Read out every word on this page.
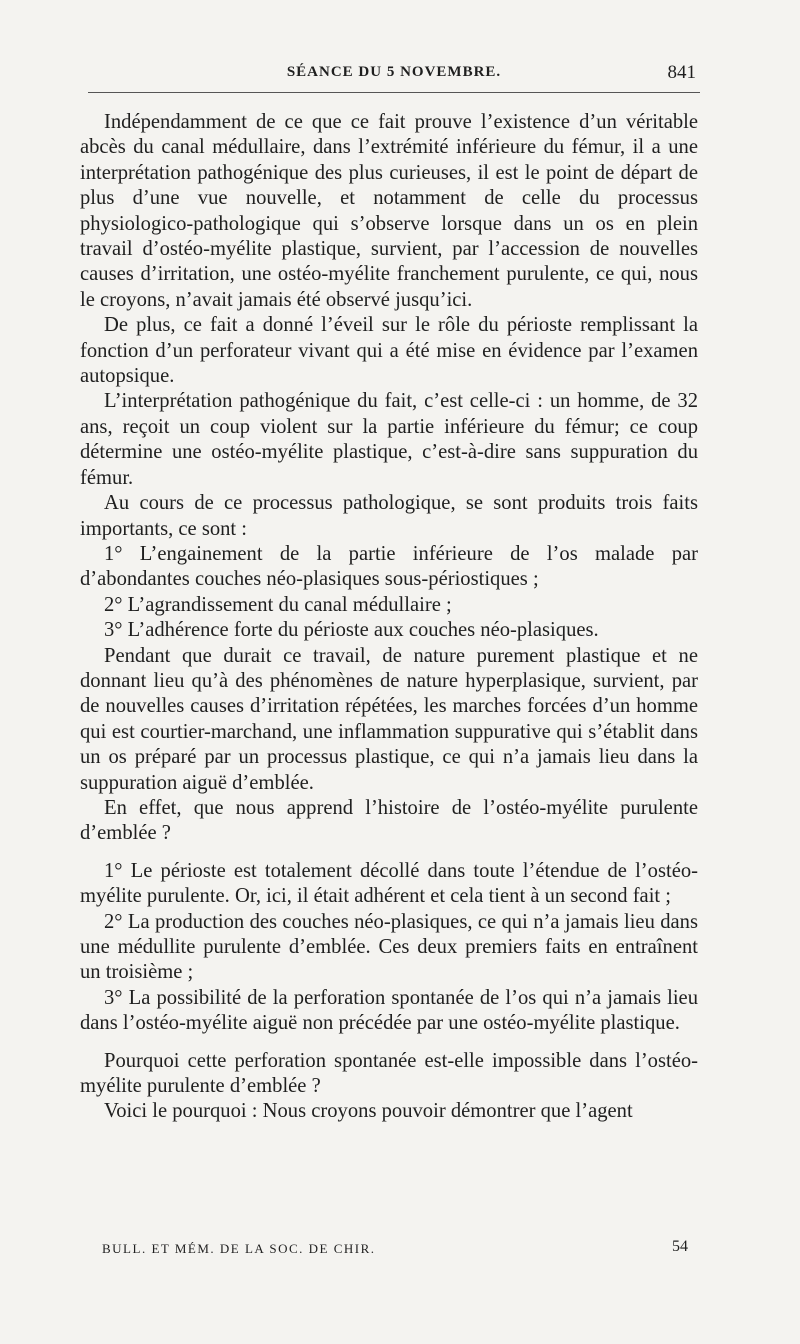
SÉANCE DU 5 NOVEMBRE.	841

Indépendamment de ce que ce fait prouve l’existence d’un véritable abcès du canal médullaire, dans l’extrémité inférieure du fémur, il a une interprétation pathogénique des plus curieuses, il est le point de départ de plus d’une vue nouvelle, et notamment de celle du processus physiologico-pathologique qui s’observe lorsque dans un os en plein travail d’ostéo-myélite plastique, survient, par l’accession de nouvelles causes d’irritation, une ostéo-myélite franchement purulente, ce qui, nous le croyons, n’avait jamais été observé jusqu’ici.

De plus, ce fait a donné l’éveil sur le rôle du périoste remplissant la fonction d’un perforateur vivant qui a été mise en évidence par l’examen autopsique.

L’interprétation pathogénique du fait, c’est celle-ci : un homme, de 32 ans, reçoit un coup violent sur la partie inférieure du fémur; ce coup détermine une ostéo-myélite plastique, c’est-à-dire sans suppuration du fémur.

Au cours de ce processus pathologique, se sont produits trois faits importants, ce sont :

1° L’engainement de la partie inférieure de l’os malade par d’abondantes couches néo-plasiques sous-périostiques ;

2° L’agrandissement du canal médullaire ;

3° L’adhérence forte du périoste aux couches néo-plasiques.

Pendant que durait ce travail, de nature purement plastique et ne donnant lieu qu’à des phénomènes de nature hyperplasique, survient, par de nouvelles causes d’irritation répétées, les marches forcées d’un homme qui est courtier-marchand, une inflammation suppurative qui s’établit dans un os préparé par un processus plastique, ce qui n’a jamais lieu dans la suppuration aiguë d’emblée.

En effet, que nous apprend l’histoire de l’ostéo-myélite purulente d’emblée ?

1° Le périoste est totalement décollé dans toute l’étendue de l’ostéo-myélite purulente. Or, ici, il était adhérent et cela tient à un second fait ;

2° La production des couches néo-plasiques, ce qui n’a jamais lieu dans une médullite purulente d’emblée. Ces deux premiers faits en entraînent un troisième ;

3° La possibilité de la perforation spontanée de l’os qui n’a jamais lieu dans l’ostéo-myélite aiguë non précédée par une ostéo-myélite plastique.

Pourquoi cette perforation spontanée est-elle impossible dans l’ostéo-myélite purulente d’emblée ?

Voici le pourquoi : Nous croyons pouvoir démontrer que l’agent

BULL. ET MÉM. DE LA SOC. DE CHIR.	54
